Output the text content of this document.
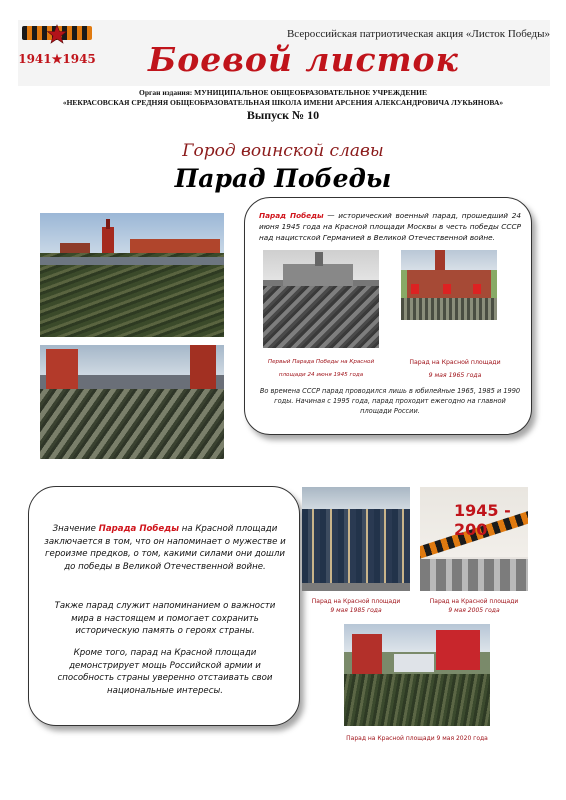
1941★1945
Всероссийская патриотическая акция «Листок Победы»
Боевой листок
Орган издания: МУНИЦИПАЛЬНОЕ ОБЩЕОБРАЗОВАТЕЛЬНОЕ УЧРЕЖДЕНИЕ
«НЕКРАСОВСКАЯ СРЕДНЯЯ ОБЩЕОБРАЗОВАТЕЛЬНАЯ ШКОЛА ИМЕНИ АРСЕНИЯ АЛЕКСАНДРОВИЧА ЛУКЬЯНОВА»
Выпуск № 10
Город воинской славы
Парад Победы
Парад Победы — исторический военный парад, прошедший 24 июня 1945 года на Красной площади Москвы в честь победы СССР над нацистской Германией в Великой Отечественной войне.
Первый Парада Победы на Красной
площади 24 июня 1945 года
Парад на Красной площади
9 мая 1965 года
Во времена СССР парад проводился лишь в юбилейные 1965, 1985 и 1990 годы. Начиная с 1995 года, парад проходит ежегодно на главной площади России.
Значение Парада Победы на Красной площади заключается в том, что он напоминает о мужестве и героизме предков, о том, какими силами они дошли до победы в Великой Отечественной войне.
Также парад служит напоминанием о важности мира в настоящем и помогает сохранить историческую память о героях страны.
Кроме того, парад на Красной площади демонстрирует мощь Российской армии и способность страны уверенно отстаивать свои национальные интересы.
Парад на Красной площади
9 мая 1985 года
1945 - 200
Парад на Красной площади
9 мая 2005 года
Парад на Красной площади 9 мая 2020 года
